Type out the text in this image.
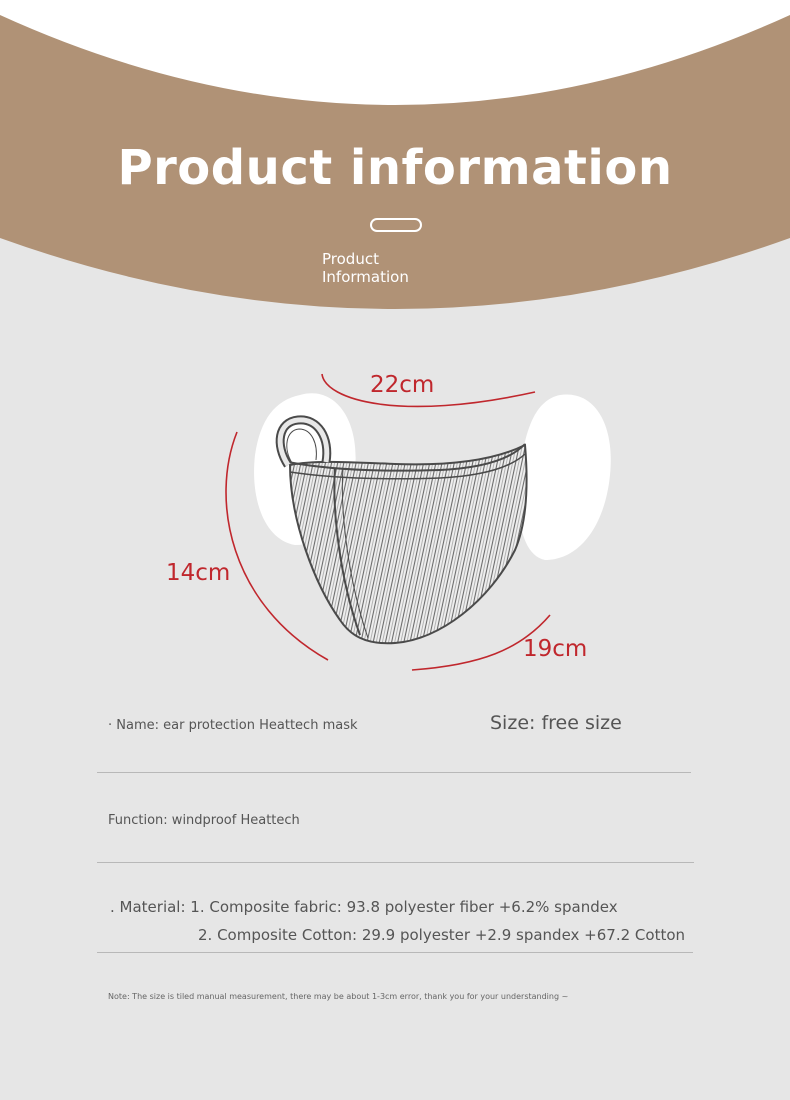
Product information
Product
Information
22cm
14cm
19cm
· Name: ear protection Heattech mask	Size: free size
Function: windproof Heattech
. Material: 1. Composite fabric: 93.8 polyester fiber +6.2% spandex
2. Composite Cotton: 29.9 polyester +2.9 spandex +67.2 Cotton
Note: The size is tiled manual measurement, there may be about 1-3cm error, thank you for your understanding ~
